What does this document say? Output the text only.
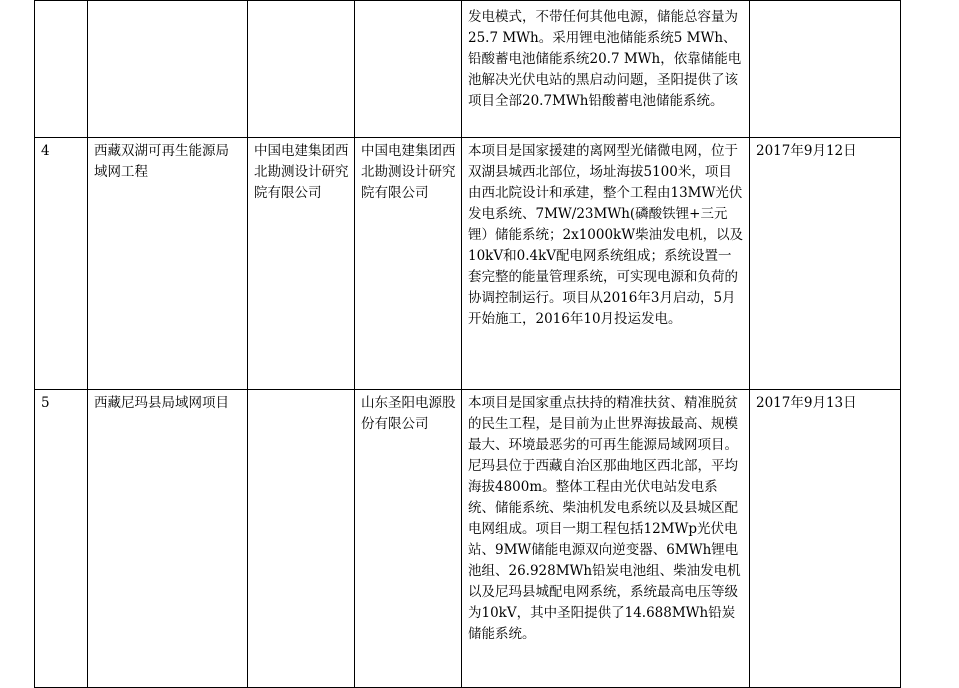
				发电模式，不带任何其他电源，储能总容量为25.7 MWh。采用锂电池储能系统5 MWh、铅酸蓄电池储能系统20.7 MWh，依靠储能电池解决光伏电站的黑启动问题，圣阳提供了该项目全部20.7MWh铅酸蓄电池储能系统。	
4	西藏双湖可再生能源局域网工程	中国电建集团西北勘测设计研究院有限公司	中国电建集团西北勘测设计研究院有限公司	本项目是国家援建的离网型光储微电网，位于双湖县城西北部位，场址海拔5100米，项目由西北院设计和承建，整个工程由13MW光伏发电系统、7MW/23MWh(磷酸铁锂+三元锂）储能系统；2x1000kW柴油发电机，以及10kV和0.4kV配电网系统组成；系统设置一套完整的能量管理系统，可实现电源和负荷的协调控制运行。项目从2016年3月启动，5月开始施工，2016年10月投运发电。	2017年9月12日
5	西藏尼玛县局域网项目		山东圣阳电源股份有限公司	本项目是国家重点扶持的精准扶贫、精准脱贫的民生工程，是目前为止世界海拔最高、规模最大、环境最恶劣的可再生能源局域网项目。尼玛县位于西藏自治区那曲地区西北部，平均海拔4800m。整体工程由光伏电站发电系统、储能系统、柴油机发电系统以及县城区配电网组成。项目一期工程包括12MWp光伏电站、9MW储能电源双向逆变器、6MWh锂电池组、26.928MWh铅炭电池组、柴油发电机以及尼玛县城配电网系统，系统最高电压等级为10kV，其中圣阳提供了14.688MWh铅炭储能系统。	2017年9月13日
